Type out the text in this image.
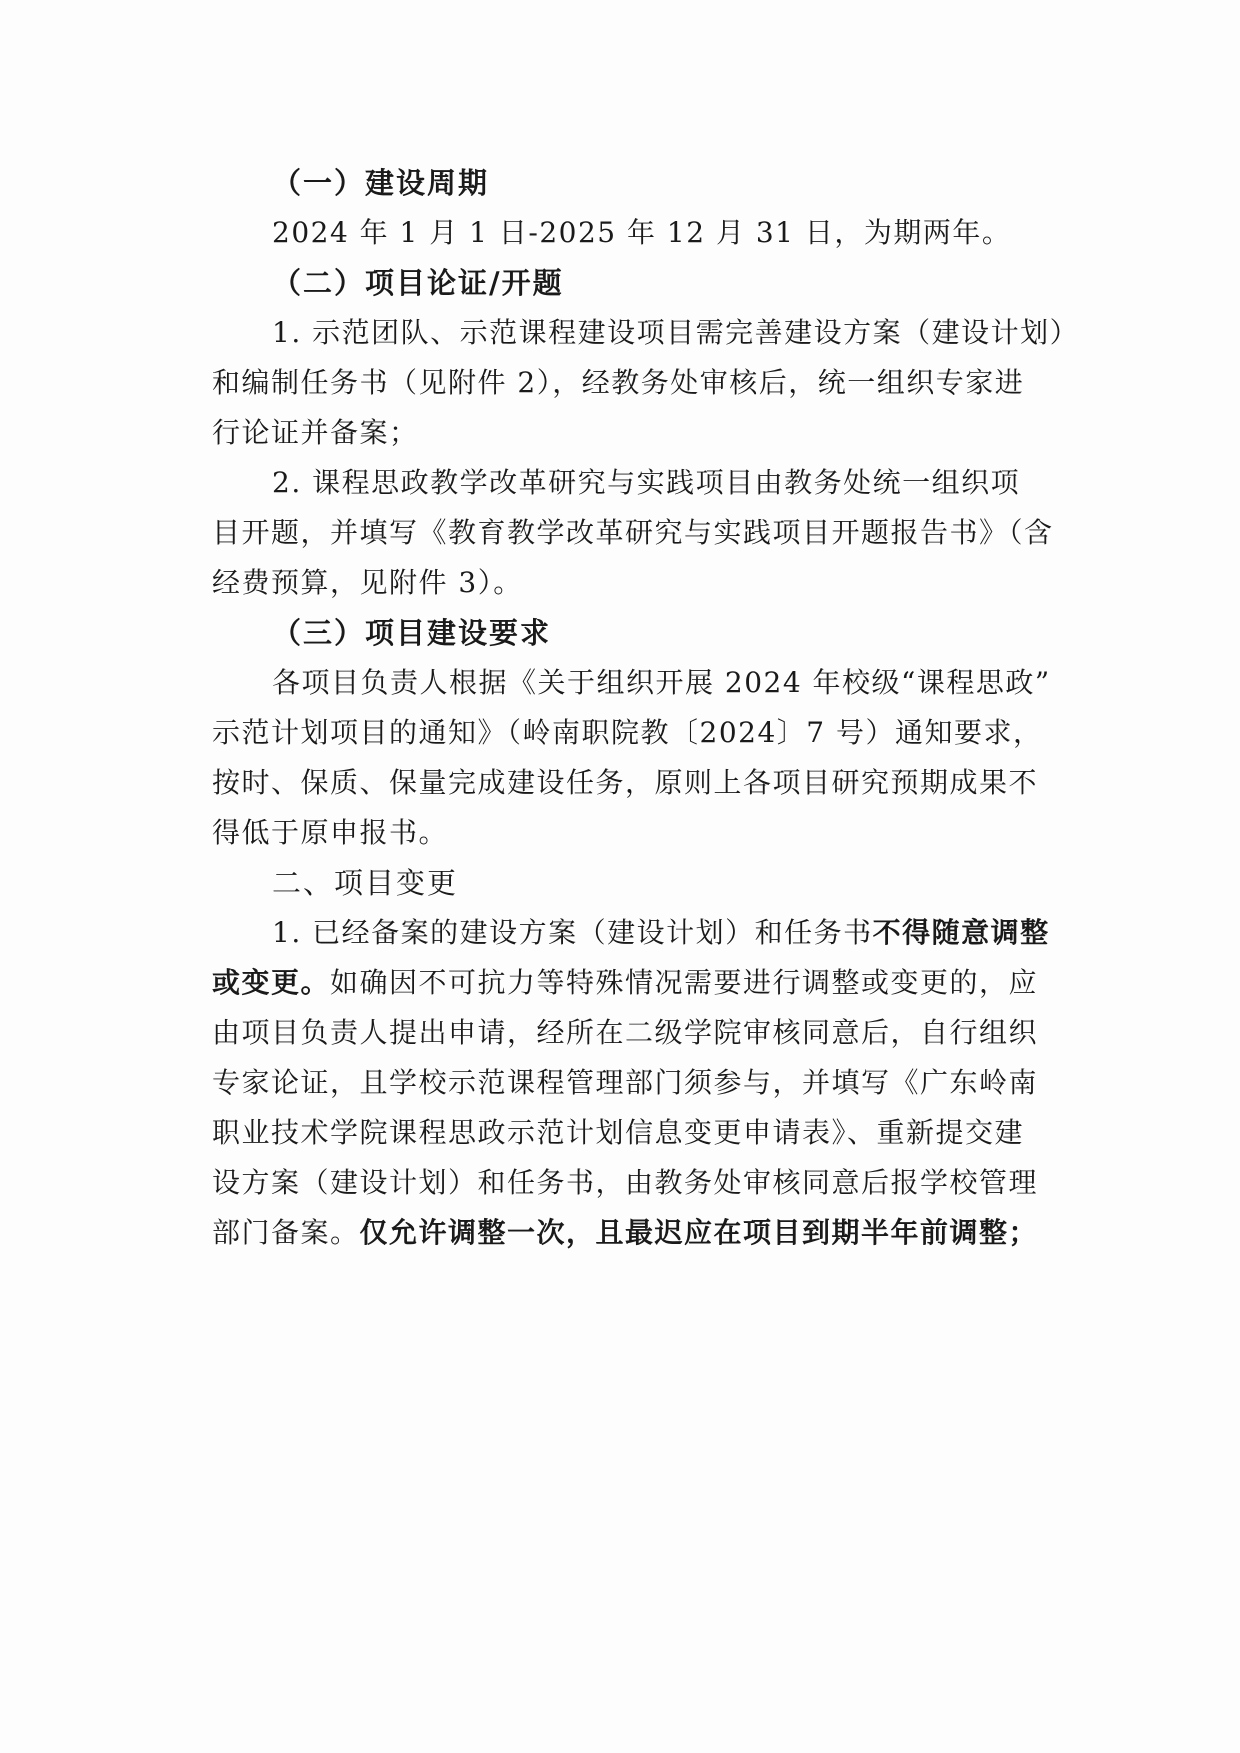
（一）建设周期
2024 年 1 月 1 日-2025 年 12 月 31 日，为期两年。
（二）项目论证/开题
1. 示范团队、示范课程建设项目需完善建设方案（建设计划）
和编制任务书（见附件 2），经教务处审核后，统一组织专家进
行论证并备案；
2. 课程思政教学改革研究与实践项目由教务处统一组织项
目开题，并填写《教育教学改革研究与实践项目开题报告书》（含
经费预算，见附件 3）。
（三）项目建设要求
各项目负责人根据《关于组织开展 2024 年校级“课程思政”
示范计划项目的通知》（岭南职院教〔2024〕7 号）通知要求，
按时、保质、保量完成建设任务，原则上各项目研究预期成果不
得低于原申报书。
二、项目变更
1. 已经备案的建设方案（建设计划）和任务书不得随意调整
或变更。如确因不可抗力等特殊情况需要进行调整或变更的，应
由项目负责人提出申请，经所在二级学院审核同意后，自行组织
专家论证，且学校示范课程管理部门须参与，并填写《广东岭南
职业技术学院课程思政示范计划信息变更申请表》、重新提交建
设方案（建设计划）和任务书，由教务处审核同意后报学校管理
部门备案。仅允许调整一次，且最迟应在项目到期半年前调整；
